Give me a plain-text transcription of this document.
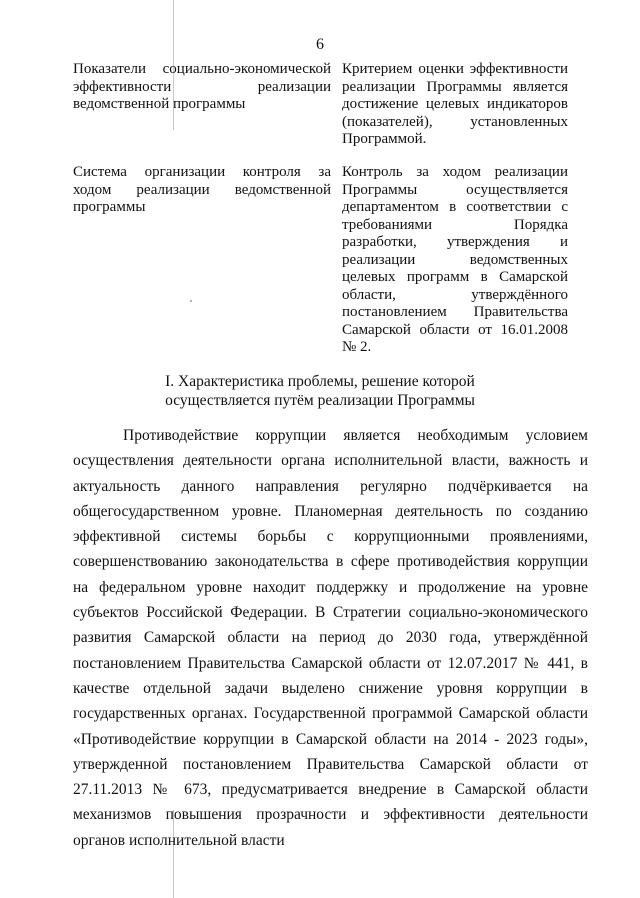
6
Показатели социально-экономической эффективности реализации ведомственной программы
Критерием оценки эффективности реализации Программы является достижение целевых индикаторов (показателей), установленных Программой.
Система организации контроля за ходом реализации ведомственной программы
Контроль за ходом реализации Программы осуществляется департаментом в соответствии с требованиями Порядка разработки, утверждения и реализации ведомственных целевых программ в Самарской области, утверждённого постановлением Правительства Самарской области от 16.01.2008 № 2.
I. Характеристика проблемы, решение которой
осуществляется путём реализации Программы

Противодействие коррупции является необходимым условием осуществления деятельности органа исполнительной власти, важность и актуальность данного направления регулярно подчёркивается на общегосударственном уровне. Планомерная деятельность по созданию эффективной системы борьбы с коррупционными проявлениями, совершенствованию законодательства в сфере противодействия коррупции на федеральном уровне находит поддержку и продолжение на уровне субъектов Российской Федерации. В Стратегии социально-экономического развития Самарской области на период до 2030 года, утверждённой постановлением Правительства Самарской области от 12.07.2017 № 441, в качестве отдельной задачи выделено снижение уровня коррупции в государственных органах. Государственной программой Самарской области «Противодействие коррупции в Самарской области на 2014 - 2023 годы», утвержденной постановлением Правительства Самарской области от 27.11.2013 № 673, предусматривается внедрение в Самарской области механизмов повышения прозрачности и эффективности деятельности органов исполнительной власти
